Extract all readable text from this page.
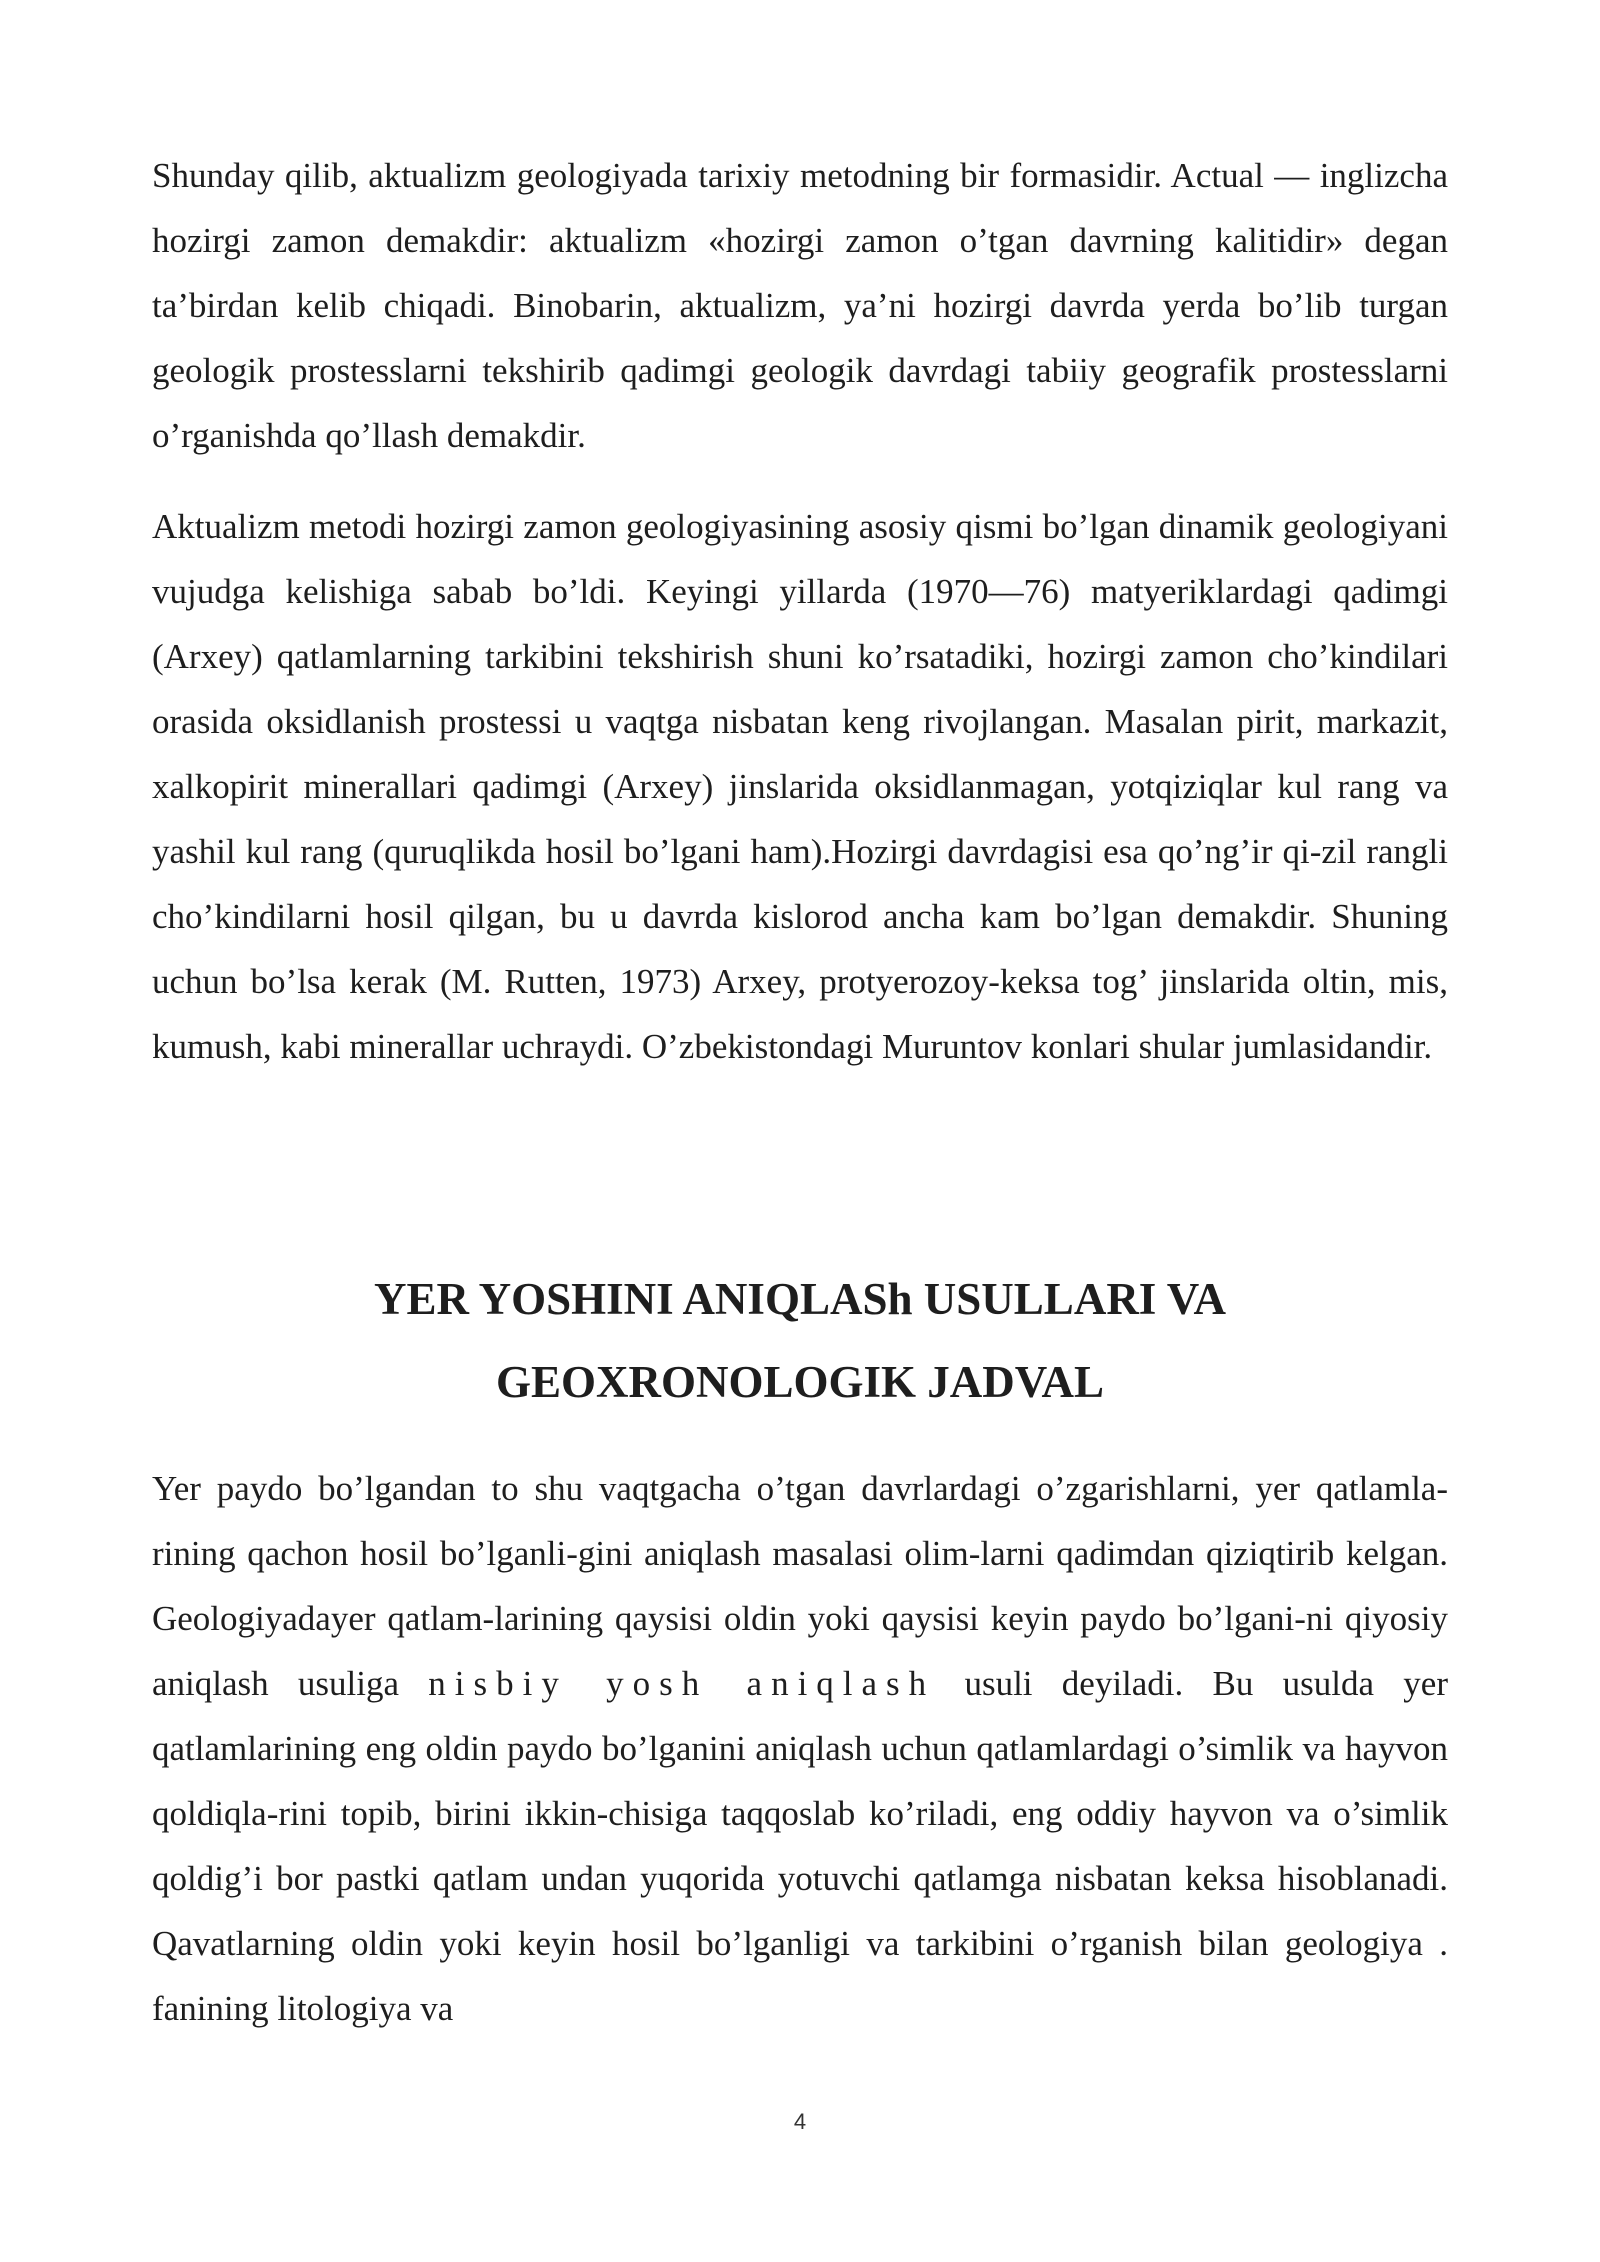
Shunday qilib, aktualizm geologiyada tarixiy metodning bir formasidir. Actual — inglizcha hozirgi zamon demakdir: aktualizm «hozirgi zamon o’tgan davrning kalitidir» degan ta’birdan kelib chiqadi. Binobarin, aktualizm, ya’ni hozirgi davrda yerda bo’lib turgan geologik prostesslarni tekshirib qadimgi geologik davrdagi tabiiy geografik prostesslarni o’rganishda qo’llash demakdir.

Aktualizm metodi hozirgi zamon geologiyasining asosiy qismi bo’lgan dinamik geologiyani vujudga kelishiga sabab bo’ldi. Keyingi yillarda (1970—76) matyeriklardagi qadimgi (Arxey) qatlamlarning tarkibini tekshirish shuni ko’rsatadiki, hozirgi zamon cho’kindilari orasida oksidlanish prostessi u vaqtga nisbatan keng rivojlangan. Masalan pirit, markazit, xalkopirit minerallari qadimgi (Arxey) jinslarida oksidlanmagan, yotqiziqlar kul rang va yashil kul rang (quruqlikda hosil bo’lgani ham).Hozirgi davrdagisi esa qo’ng’ir qi-zil rangli cho’kindilarni hosil qilgan, bu u davrda kislorod ancha kam bo’lgan demakdir. Shuning uchun bo’lsa kerak (M. Rutten, 1973) Arxey, protyerozoy-keksa tog’ jinslarida oltin, mis, kumush, kabi minerallar uchraydi. O’zbekistondagi Muruntov konlari shular jumlasidandir.

YER YOSHINI ANIQLASh USULLARI VA
GEOXRONOLOGIK JADVAL

Yer paydo bo’lgandan to shu vaqtgacha o’tgan davrlardagi o’zgarishlarni, yer qatlamla-rining qachon hosil bo’lganli-gini aniqlash masalasi olim-larni qadimdan qiziqtirib kelgan. Geologiyadayer qatlam-larining qaysisi oldin yoki qaysisi keyin paydo bo’lgani-ni qiyosiy aniqlash usuliga nisbiy yosh aniqlash usuli deyiladi. Bu usulda yer qatlamlarining eng oldin paydo bo’lganini aniqlash uchun qatlamlardagi o’simlik va hayvon qoldiqla-rini topib, birini ikkin-chisiga taqqoslab ko’riladi, eng oddiy hayvon va o’simlik qoldig’i bor pastki qatlam undan yuqorida yotuvchi qatlamga nisbatan keksa hisoblanadi. Qavatlarning oldin yoki keyin hosil bo’lganligi va tarkibini o’rganish bilan geologiya . fanining litologiya va

4
